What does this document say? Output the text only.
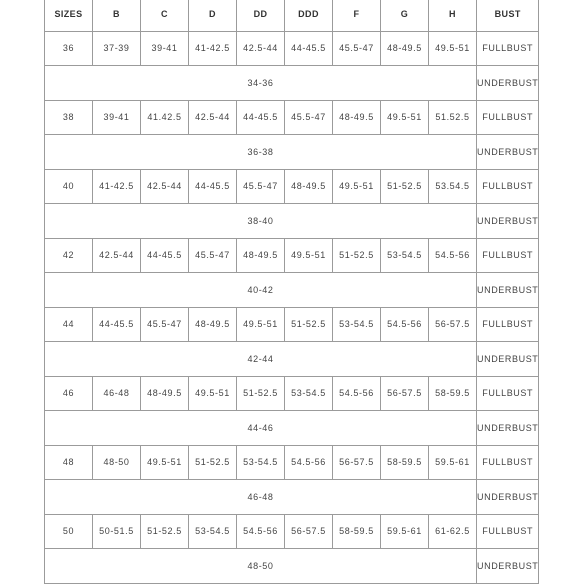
SIZES	B	C	D	DD	DDD	F	G	H	BUST
36	37-39	39-41	41-42.5	42.5-44	44-45.5	45.5-47	48-49.5	49.5-51	FULLBUST
34-36									UNDERBUST
38	39-41	41.42.5	42.5-44	44-45.5	45.5-47	48-49.5	49.5-51	51.52.5	FULLBUST
36-38									UNDERBUST
40	41-42.5	42.5-44	44-45.5	45.5-47	48-49.5	49.5-51	51-52.5	53.54.5	FULLBUST
38-40									UNDERBUST
42	42.5-44	44-45.5	45.5-47	48-49.5	49.5-51	51-52.5	53-54.5	54.5-56	FULLBUST
40-42									UNDERBUST
44	44-45.5	45.5-47	48-49.5	49.5-51	51-52.5	53-54.5	54.5-56	56-57.5	FULLBUST
42-44									UNDERBUST
46	46-48	48-49.5	49.5-51	51-52.5	53-54.5	54.5-56	56-57.5	58-59.5	FULLBUST
44-46									UNDERBUST
48	48-50	49.5-51	51-52.5	53-54.5	54.5-56	56-57.5	58-59.5	59.5-61	FULLBUST
46-48									UNDERBUST
50	50-51.5	51-52.5	53-54.5	54.5-56	56-57.5	58-59.5	59.5-61	61-62.5	FULLBUST
48-50									UNDERBUST
